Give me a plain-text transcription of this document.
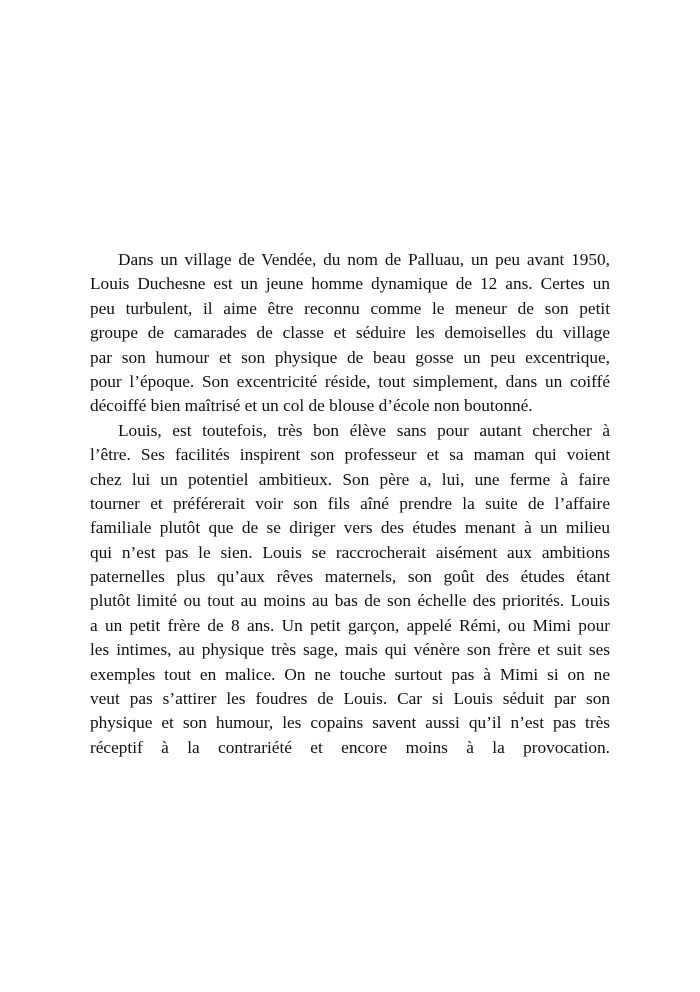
Dans un village de Vendée, du nom de Palluau, un peu avant 1950,
Louis Duchesne est un jeune homme dynamique de 12 ans. Certes un
peu turbulent, il aime être reconnu comme le meneur de son petit
groupe de camarades de classe et séduire les demoiselles du village
par son humour et son physique de beau gosse un peu excentrique,
pour l’époque. Son excentricité réside, tout simplement, dans un coiffé
décoiffé bien maîtrisé et un col de blouse d’école non boutonné.
Louis, est toutefois, très bon élève sans pour autant chercher à
l’être. Ses facilités inspirent son professeur et sa maman qui voient
chez lui un potentiel ambitieux. Son père a, lui, une ferme à faire
tourner et préférerait voir son fils aîné prendre la suite de l’affaire
familiale plutôt que de se diriger vers des études menant à un milieu
qui n’est pas le sien. Louis se raccrocherait aisément aux ambitions
paternelles plus qu’aux rêves maternels, son goût des études étant
plutôt limité ou tout au moins au bas de son échelle des priorités. Louis
a un petit frère de 8 ans. Un petit garçon, appelé Rémi, ou Mimi pour
les intimes, au physique très sage, mais qui vénère son frère et suit ses
exemples tout en malice. On ne touche surtout pas à Mimi si on ne
veut pas s’attirer les foudres de Louis. Car si Louis séduit par son
physique et son humour, les copains savent aussi qu’il n’est pas très
réceptif à la contrariété et encore moins à la provocation.
